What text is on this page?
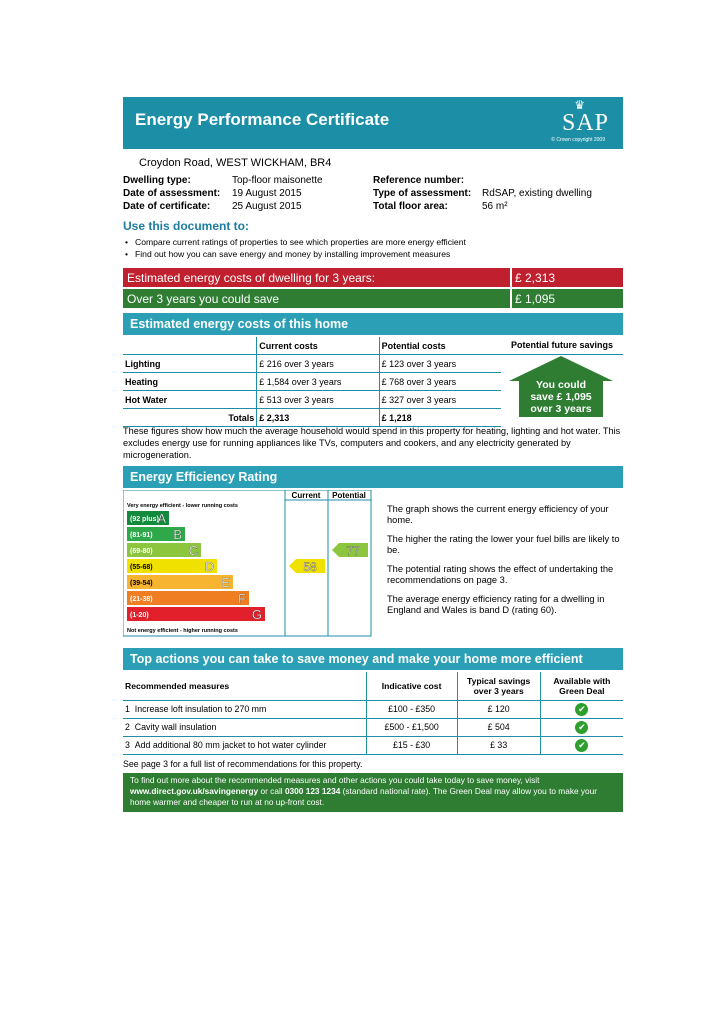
Energy Performance Certificate
♛
SAP
© Crown copyright 2009
Croydon Road, WEST WICKHAM, BR4
Dwelling type:	Top-floor maisonette
Date of assessment: 19 August 2015
Date of certificate: 25 August 2015
Reference number:
Type of assessment: RdSAP, existing dwelling
Total floor area:	56 m²
Use this document to:
• Compare current ratings of properties to see which properties are more energy efficient
• Find out how you can save energy and money by installing improvement measures
Estimated energy costs of dwelling for 3 years:	£ 2,313
Over 3 years you could save	£ 1,095
Estimated energy costs of this home
	Current costs	Potential costs
Lighting	£ 216 over 3 years	£ 123 over 3 years
Heating	£ 1,584 over 3 years	£ 768 over 3 years
Hot Water	£ 513 over 3 years	£ 327 over 3 years
Totals	£ 2,313	£ 1,218
Potential future savings
You could
save £ 1,095
over 3 years
These figures show how much the average household would spend in this property for heating, lighting and hot water. This excludes energy use for running appliances like TVs, computers and cookers, and any electricity generated by microgeneration.
Energy Efficiency Rating
Current Potential
Very energy efficient - lower running costs
Not energy efficient - higher running costs
(92 plus)
A
(81-91) B
(69-80)	C
(55-68)	D
(39-54)	E
(21-38)	F
(1-20)	G
58
77

The graph shows the current energy efficiency of your home.

The higher the rating the lower your fuel bills are likely to be.

The potential rating shows the effect of undertaking the recommendations on page 3.

The average energy efficiency rating for a dwelling in England and Wales is band D (rating 60).

Top actions you can take to save money and make your home more efficient
Recommended measures	Indicative cost	Typical savings over 3 years	Available with Green Deal
1 Increase loft insulation to 270 mm	£100 - £350	£ 120	✔
2 Cavity wall insulation	£500 - £1,500	£ 504	✔
3 Add additional 80 mm jacket to hot water cylinder	£15 - £30	£ 33	✔
See page 3 for a full list of recommendations for this property.
To find out more about the recommended measures and other actions you could take today to save money, visit www.direct.gov.uk/savingenergy or call 0300 123 1234 (standard national rate). The Green Deal may allow you to make your home warmer and cheaper to run at no up-front cost.
